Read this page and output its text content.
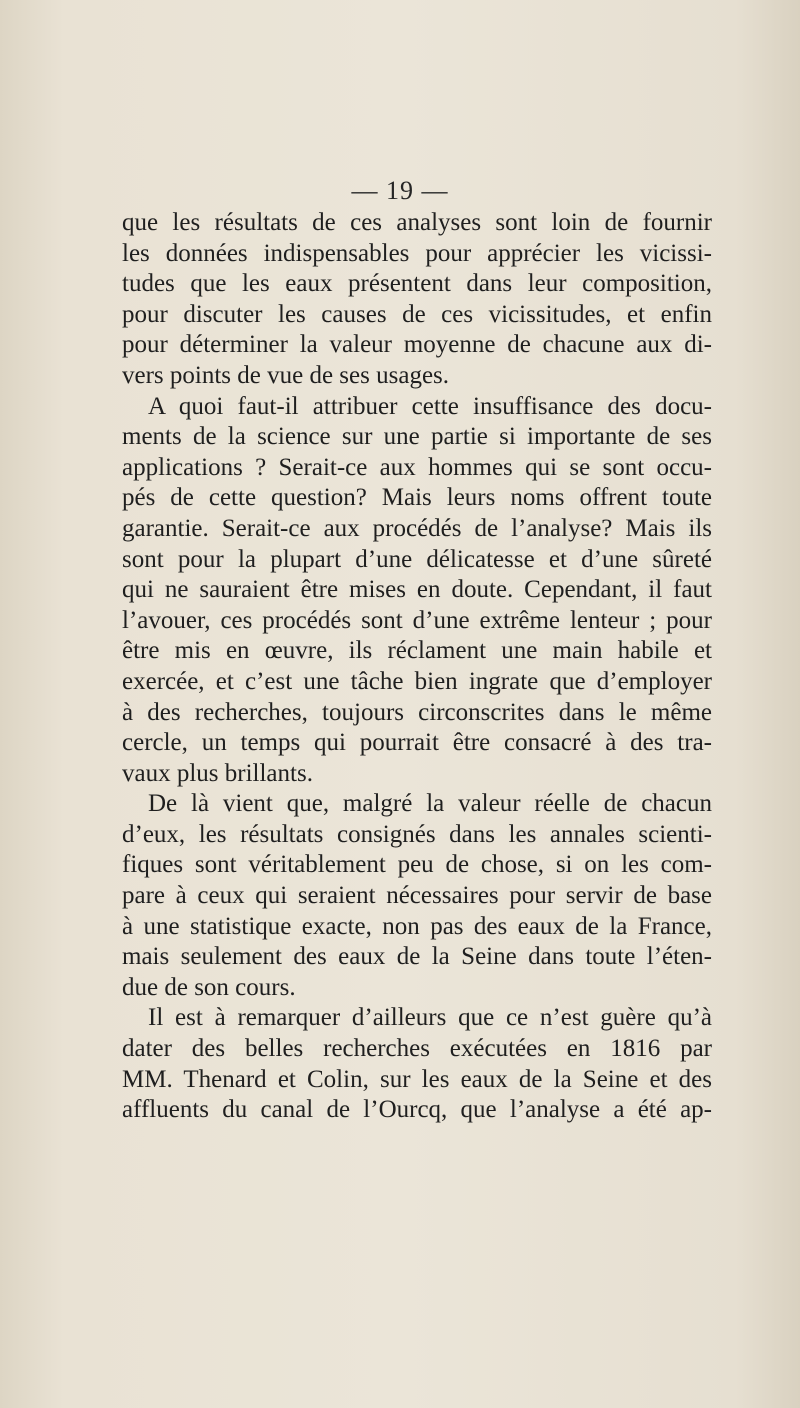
— 19 —
que les résultats de ces analyses sont loin de fournir
les données indispensables pour apprécier les vicissi-
tudes que les eaux présentent dans leur composition,
pour discuter les causes de ces vicissitudes, et enfin
pour déterminer la valeur moyenne de chacune aux di-
vers points de vue de ses usages.
A quoi faut-il attribuer cette insuffisance des docu-
ments de la science sur une partie si importante de ses
applications ? Serait-ce aux hommes qui se sont occu-
pés de cette question? Mais leurs noms offrent toute
garantie. Serait-ce aux procédés de l’analyse? Mais ils
sont pour la plupart d’une délicatesse et d’une sûreté
qui ne sauraient être mises en doute. Cependant, il faut
l’avouer, ces procédés sont d’une extrême lenteur ; pour
être mis en œuvre, ils réclament une main habile et
exercée, et c’est une tâche bien ingrate que d’employer
à des recherches, toujours circonscrites dans le même
cercle, un temps qui pourrait être consacré à des tra-
vaux plus brillants.
De là vient que, malgré la valeur réelle de chacun
d’eux, les résultats consignés dans les annales scienti-
fiques sont véritablement peu de chose, si on les com-
pare à ceux qui seraient nécessaires pour servir de base
à une statistique exacte, non pas des eaux de la France,
mais seulement des eaux de la Seine dans toute l’éten-
due de son cours.
Il est à remarquer d’ailleurs que ce n’est guère qu’à
dater des belles recherches exécutées en 1816 par
MM. Thenard et Colin, sur les eaux de la Seine et des
affluents du canal de l’Ourcq, que l’analyse a été ap-
